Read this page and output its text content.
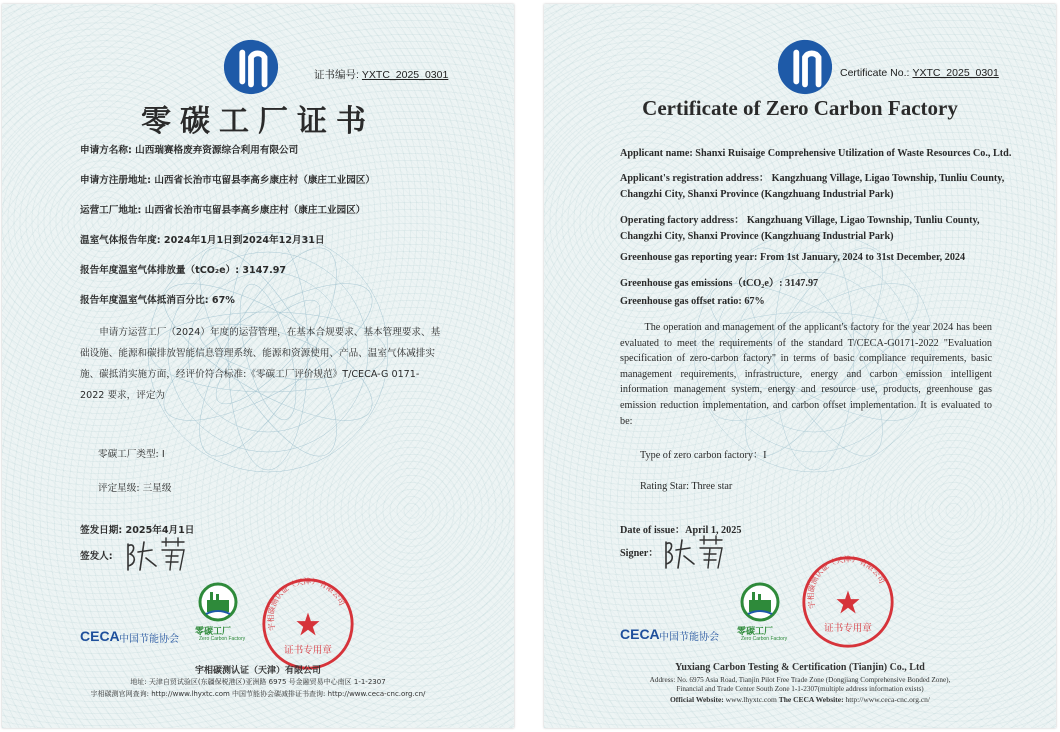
证书编号: YXTC_2025_0301
零碳工厂证书
申请方名称: 山西瑞赛格废弃资源综合利用有限公司
申请方注册地址: 山西省长治市屯留县李高乡康庄村（康庄工业园区）
运营工厂地址: 山西省长治市屯留县李高乡康庄村（康庄工业园区）
温室气体报告年度: 2024年1月1日到2024年12月31日
报告年度温室气体排放量（tCO₂e）: 3147.97
报告年度温室气体抵消百分比: 67%
申请方运营工厂（2024）年度的运营管理，在基本合规要求、基本管理要求、基础设施、能源和碳排放智能信息管理系统、能源和资源使用、产品、温室气体减排实施、碳抵消实施方面，经评价符合标准:《零碳工厂评价规范》T/CECA-G 0171-2022 要求，评定为
零碳工厂类型: I
评定星级: 三星级
签发日期: 2025年4月1日
签发人:
零碳工厂
Zero Carbon Factory
CECA 中国节能协会
证书专用章
宇相碳测认证（天津）有限公司
宇相碳测认证（天津）有限公司
地址: 天津自贸试验区(东疆保税港区)亚洲路 6975 号金融贸易中心南区 1-1-2307
宇相碳测官网查询: http://www.lhyxtc.com 中国节能协会碳减排证书查询: http://www.ceca-cnc.org.cn/
Certificate No.: YXTC_2025_0301
Certificate of Zero Carbon Factory
Applicant name: Shanxi Ruisaige Comprehensive Utilization of Waste Resources Co., Ltd.
Applicant's registration address： Kangzhuang Village, Ligao Township, Tunliu County,
Changzhi City, Shanxi Province (Kangzhuang Industrial Park)
Operating factory address： Kangzhuang Village, Ligao Township, Tunliu County,
Changzhi City, Shanxi Province (Kangzhuang Industrial Park)
Greenhouse gas reporting year: From 1st January, 2024 to 31st December, 2024
Greenhouse gas emissions（tCO₂e）: 3147.97
Greenhouse gas offset ratio: 67%
The operation and management of the applicant's factory for the year 2024 has been evaluated to meet the requirements of the standard T/CECA-G0171-2022 "Evaluation specification of zero-carbon factory" in terms of basic compliance requirements, basic management requirements, infrastructure, energy and carbon emission intelligent information management system, energy and resource use, products, greenhouse gas emission reduction implementation, and carbon offset implementation. It is evaluated to be:
Type of zero carbon factory：I
Rating Star: Three star
Date of issue：April 1, 2025
Signer：
零碳工厂
Zero Carbon Factory
CECA 中国节能协会
证书专用章
宇相碳测认证（天津）有限公司
Yuxiang Carbon Testing & Certification (Tianjin) Co., Ltd
Address: No. 6975 Asia Road, Tianjin Pilot Free Trade Zone (Dongjiang Comprehensive Bonded Zone),
Financial and Trade Center South Zone 1-1-2307(multiple address information exists)
Official Website: www.lhyxtc.com The CECA Website: http://www.ceca-cnc.org.cn/
